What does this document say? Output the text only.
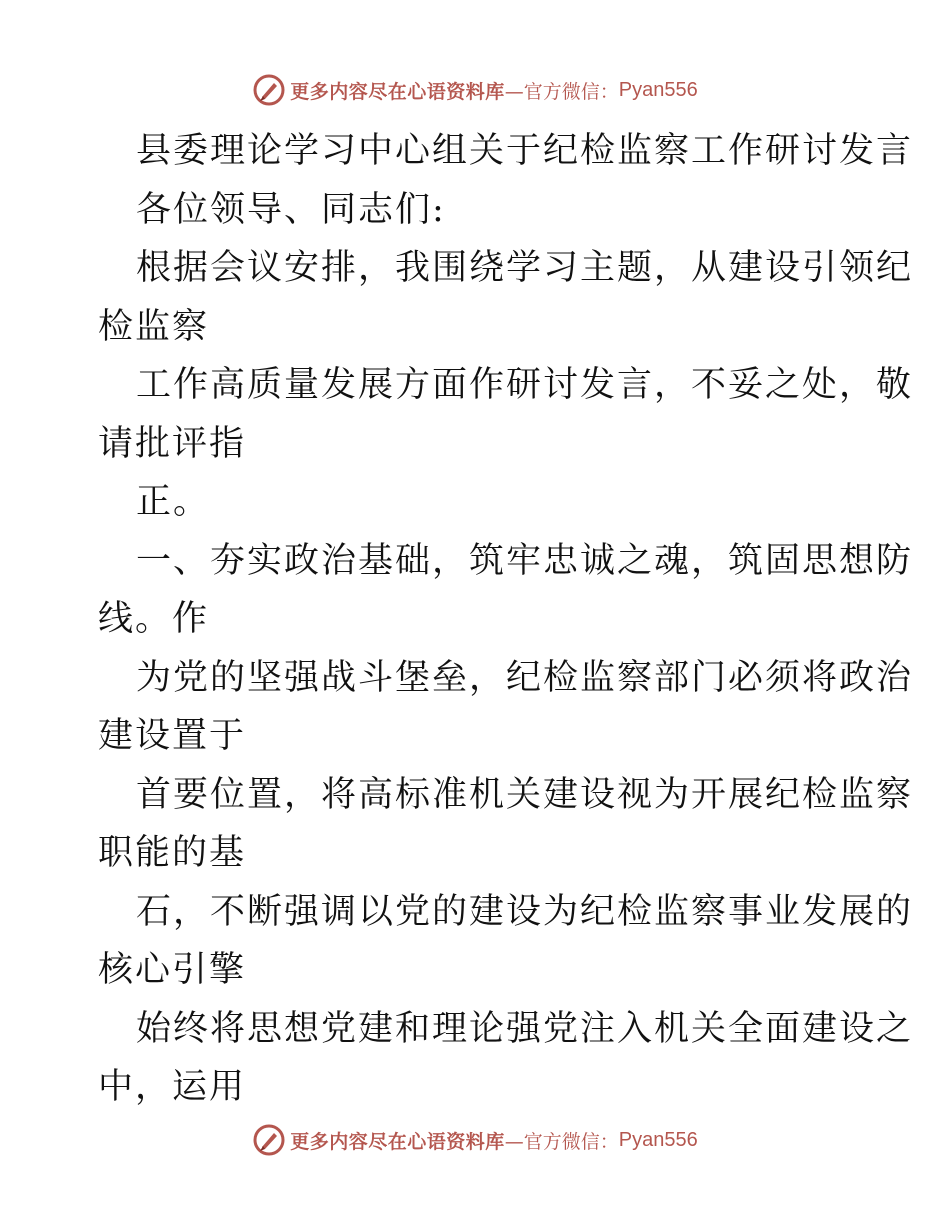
更多内容尽在心语资料库 —官方微信： Pyan556
县委理论学习中心组关于纪检监察工作研讨发言
各位领导、同志们:
根据会议安排，我围绕学习主题，从建设引领纪
检监察
工作高质量发展方面作研讨发言，不妥之处，敬
请批评指
正。
一、夯实政治基础，筑牢忠诚之魂，筑固思想防
线。作
为党的坚强战斗堡垒，纪检监察部门必须将政治
建设置于
首要位置，将高标准机关建设视为开展纪检监察
职能的基
石，不断强调以党的建设为纪检监察事业发展的
核心引擎
始终将思想党建和理论强党注入机关全面建设之
中，运用
更多内容尽在心语资料库 —官方微信： Pyan556
